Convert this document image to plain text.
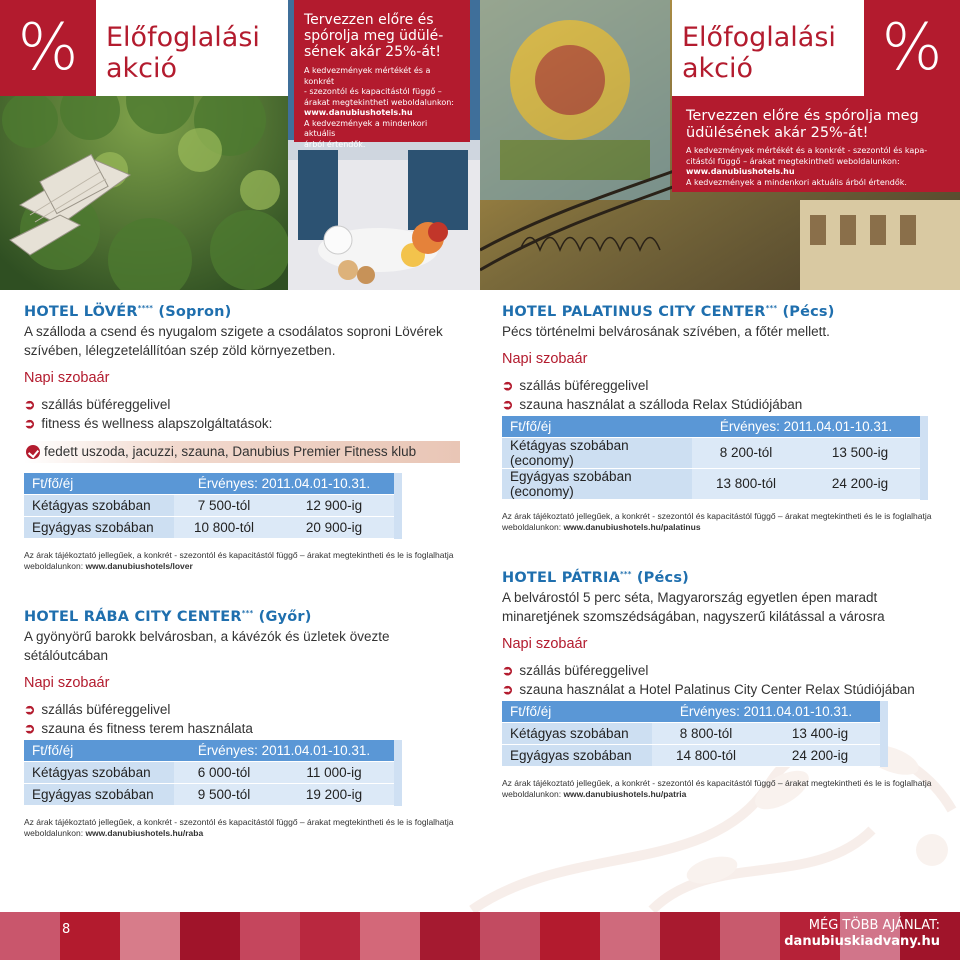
% Előfoglalási
akció
Tervezzen előre és
spórolja meg üdülé-
sének akár 25%-át!
A kedvezmények mértékét és a konkrét
- szezontól és kapacitástól függő –
árakat megtekintheti weboldalunkon:
www.danubiushotels.hu
A kedvezmények a mindenkori aktuális
árból értendők.
Előfoglalási
akció	%
Tervezzen előre és spórolja meg
üdülésének akár 25%-át!
A kedvezmények mértékét és a konkrét - szezontól és kapa-
citástól függő – árakat megtekintheti weboldalunkon:
www.danubiushotels.hu
A kedvezmények a mindenkori aktuális árból értendők.
HOTEL LÖVÉR**** (Sopron)
A szálloda a csend és nyugalom szigete a csodálatos soproni Lövérek szívében, lélegzetelállítóan szép zöld környezetben.
Napi szobaár
➲ szállás büféreggelivel
➲ fitness és wellness alapszolgáltatások:
fedett uszoda, jacuzzi, szauna, Danubius Premier Fitness klub
Ft/fő/éj	Érvényes: 2011.04.01-10.31.	
Kétágyas szobában	7 500-tól	12 900-ig
Egyágyas szobában	10 800-tól	20 900-ig
Az árak tájékoztató jellegűek, a konkrét - szezontól és kapacitástól függő – árakat megtekintheti és le is foglalhatja weboldalunkon: www.danubiushotels/lover
HOTEL RÁBA CITY CENTER*** (Győr)
A gyönyörű barokk belvárosban, a kávézók és üzletek övezte sétálóutcában
Napi szobaár
➲ szállás büféreggelivel
➲ szauna és fitness terem használata
Ft/fő/éj	Érvényes: 2011.04.01-10.31.	
Kétágyas szobában	6 000-tól	11 000-ig
Egyágyas szobában	9 500-tól	19 200-ig
Az árak tájékoztató jellegűek, a konkrét - szezontól és kapacitástól függő – árakat megtekintheti és le is foglalhatja weboldalunkon: www.danubiushotels.hu/raba
HOTEL PALATINUS CITY CENTER*** (Pécs)
Pécs történelmi belvárosának szívében, a főtér mellett.
Napi szobaár
➲ szállás büféreggelivel
➲ szauna használat a szálloda Relax Stúdiójában
Ft/fő/éj	Érvényes: 2011.04.01-10.31.	
Kétágyas szobában (economy)	8 200-tól	13 500-ig
Egyágyas szobában (economy)	13 800-tól	24 200-ig
Az árak tájékoztató jellegűek, a konkrét - szezontól és kapacitástól függő – árakat megtekintheti és le is foglalhatja weboldalunkon: www.danubiushotels.hu/palatinus
HOTEL PÁTRIA*** (Pécs)
A belvárostól 5 perc séta, Magyarország egyetlen épen maradt minaretjének szomszédságában, nagyszerű kilátással a városra
Napi szobaár
➲ szállás büféreggelivel
➲ szauna használat a Hotel Palatinus City Center Relax Stúdiójában
Ft/fő/éj	Érvényes: 2011.04.01-10.31.	
Kétágyas szobában	8 800-tól	13 400-ig
Egyágyas szobában	14 800-tól	24 200-ig
Az árak tájékoztató jellegűek, a konkrét - szezontól és kapacitástól függő – árakat megtekintheti és le is foglalhatja weboldalunkon: www.danubiushotels.hu/patria
8	MÉG TÖBB AJÁNLAT:
danubiuskiadvany.hu
